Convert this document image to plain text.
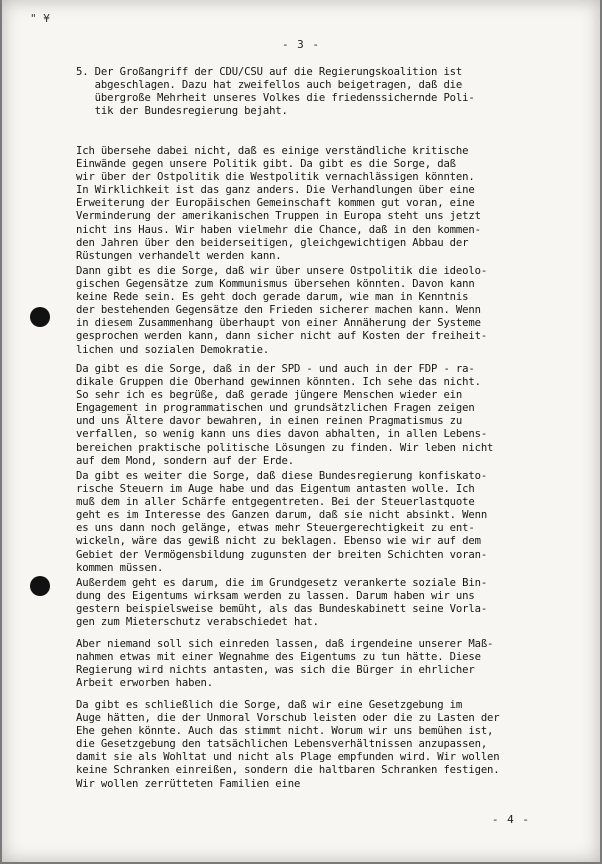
" ¥
- 3 -
5. Der Großangriff der CDU/CSU auf die Regierungskoalition ist
abgeschlagen. Dazu hat zweifellos auch beigetragen, daß die
übergroße Mehrheit unseres Volkes die friedenssichernde Poli-
tik der Bundesregierung bejaht.
Ich übersehe dabei nicht, daß es einige verständliche kritische
Einwände gegen unsere Politik gibt. Da gibt es die Sorge, daß
wir über der Ostpolitik die Westpolitik vernachlässigen könnten.
In Wirklichkeit ist das ganz anders. Die Verhandlungen über eine
Erweiterung der Europäischen Gemeinschaft kommen gut voran, eine
Verminderung der amerikanischen Truppen in Europa steht uns jetzt
nicht ins Haus. Wir haben vielmehr die Chance, daß in den kommen-
den Jahren über den beiderseitigen, gleichgewichtigen Abbau der
Rüstungen verhandelt werden kann.
Dann gibt es die Sorge, daß wir über unsere Ostpolitik die ideolo-
gischen Gegensätze zum Kommunismus übersehen könnten. Davon kann
keine Rede sein. Es geht doch gerade darum, wie man in Kenntnis
der bestehenden Gegensätze den Frieden sicherer machen kann. Wenn
in diesem Zusammenhang überhaupt von einer Annäherung der Systeme
gesprochen werden kann, dann sicher nicht auf Kosten der freiheit-
lichen und sozialen Demokratie.
Da gibt es die Sorge, daß in der SPD - und auch in der FDP - ra-
dikale Gruppen die Oberhand gewinnen könnten. Ich sehe das nicht.
So sehr ich es begrüße, daß gerade jüngere Menschen wieder ein
Engagement in programmatischen und grundsätzlichen Fragen zeigen
und uns Ältere davor bewahren, in einen reinen Pragmatismus zu
verfallen, so wenig kann uns dies davon abhalten, in allen Lebens-
bereichen praktische politische Lösungen zu finden. Wir leben nicht
auf dem Mond, sondern auf der Erde.
Da gibt es weiter die Sorge, daß diese Bundesregierung konfiskato-
rische Steuern im Auge habe und das Eigentum antasten wolle. Ich
muß dem in aller Schärfe entgegentreten. Bei der Steuerlastquote
geht es im Interesse des Ganzen darum, daß sie nicht absinkt. Wenn
es uns dann noch gelänge, etwas mehr Steuergerechtigkeit zu ent-
wickeln, wäre das gewiß nicht zu beklagen. Ebenso wie wir auf dem
Gebiet der Vermögensbildung zugunsten der breiten Schichten voran-
kommen müssen.
Außerdem geht es darum, die im Grundgesetz verankerte soziale Bin-
dung des Eigentums wirksam werden zu lassen. Darum haben wir uns
gestern beispielsweise bemüht, als das Bundeskabinett seine Vorla-
gen zum Mieterschutz verabschiedet hat.
Aber niemand soll sich einreden lassen, daß irgendeine unserer Maß-
nahmen etwas mit einer Wegnahme des Eigentums zu tun hätte. Diese
Regierung wird nichts antasten, was sich die Bürger in ehrlicher
Arbeit erworben haben.
Da gibt es schließlich die Sorge, daß wir eine Gesetzgebung im
Auge hätten, die der Unmoral Vorschub leisten oder die zu Lasten der
Ehe gehen könnte. Auch das stimmt nicht. Worum wir uns bemühen ist,
die Gesetzgebung den tatsächlichen Lebensverhältnissen anzupassen,
damit sie als Wohltat und nicht als Plage empfunden wird. Wir wollen
keine Schranken einreißen, sondern die haltbaren Schranken festigen.
Wir wollen zerrütteten Familien eine
- 4 -
